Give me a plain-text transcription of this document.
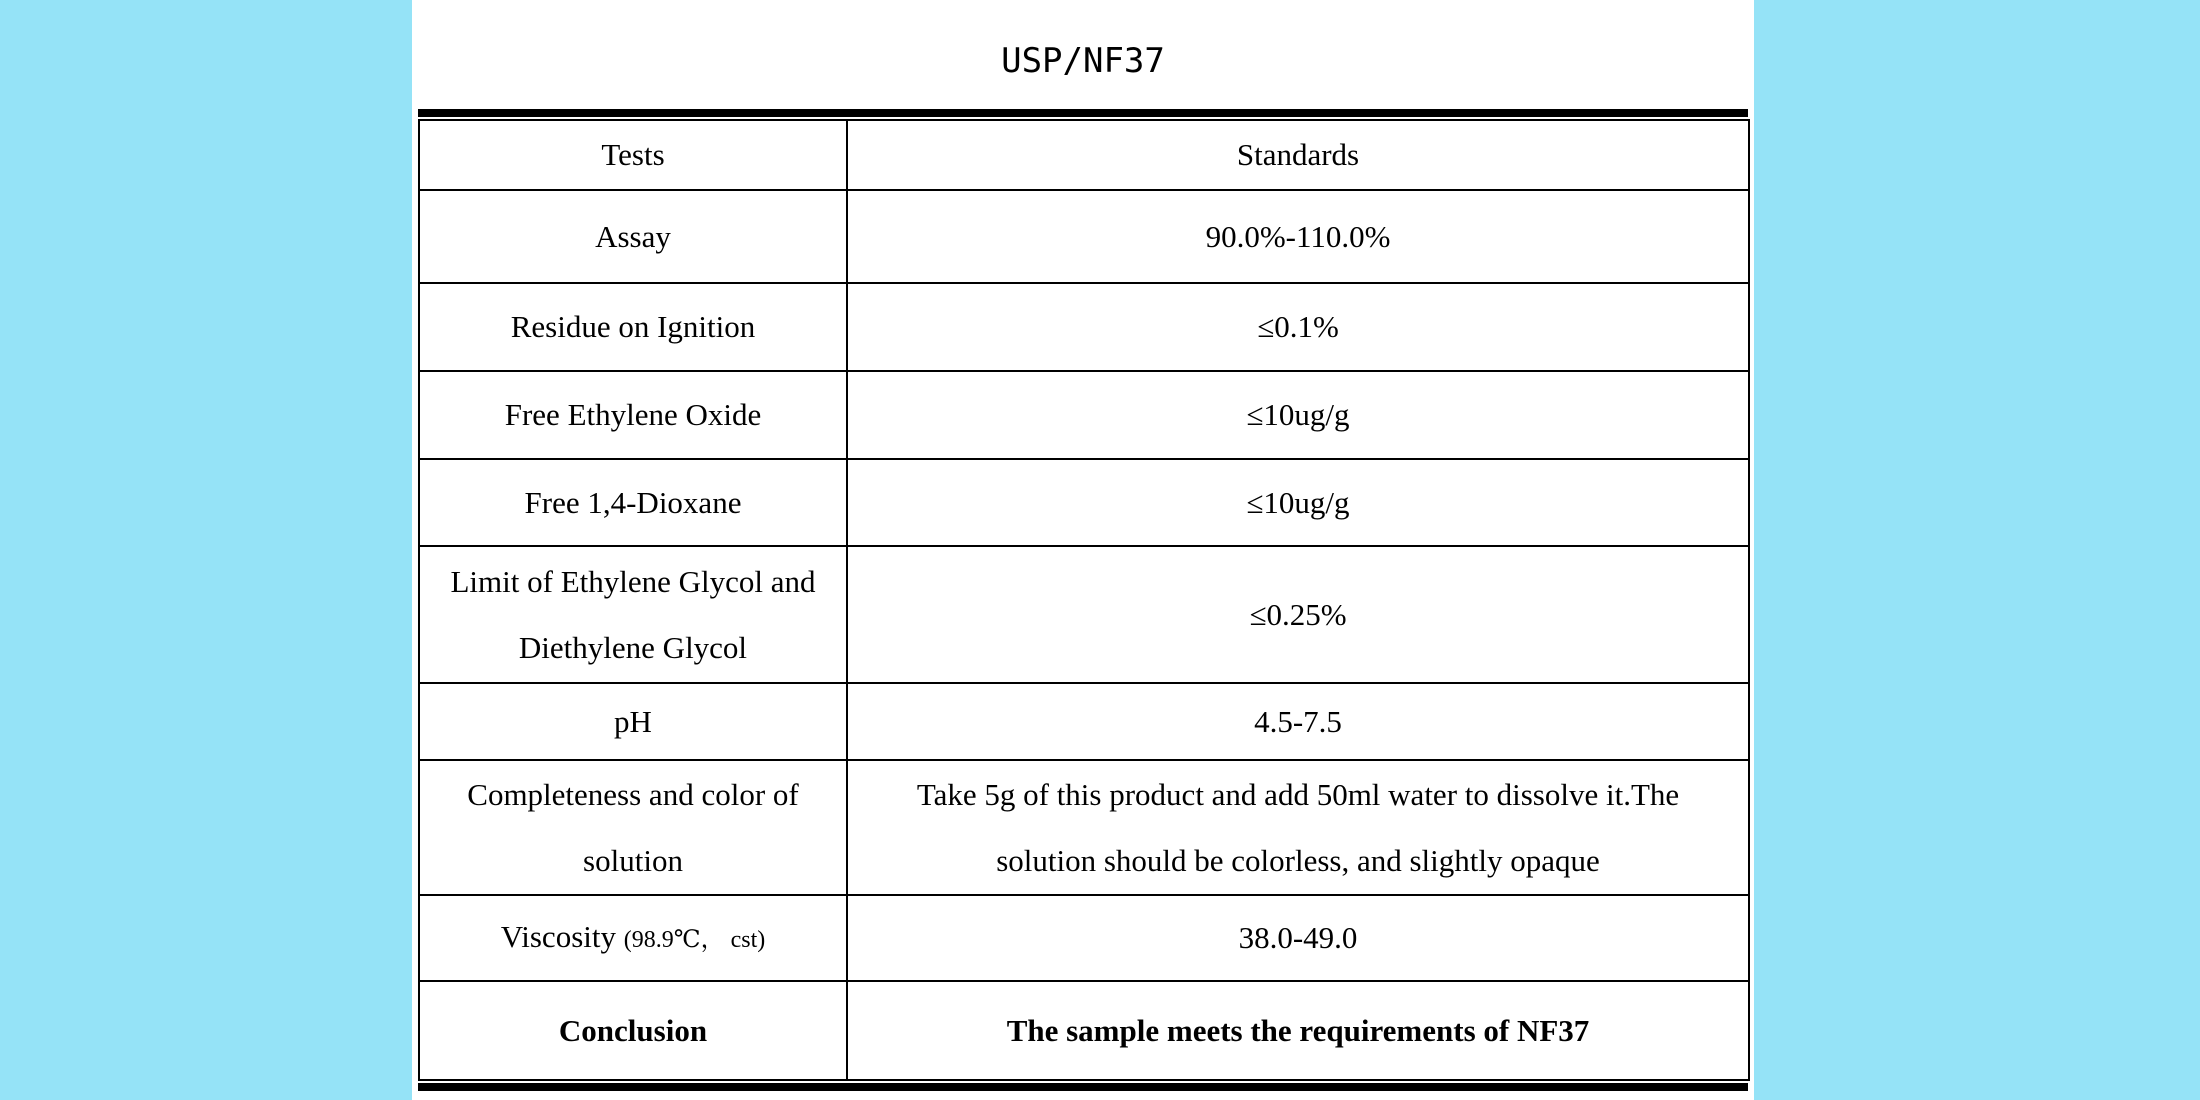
USP/NF37
Tests	Standards
Assay	90.0%-110.0%
Residue on Ignition	≤0.1%
Free Ethylene Oxide	≤10ug/g
Free 1,4-Dioxane	≤10ug/g
Limit of Ethylene Glycol and Diethylene Glycol	≤0.25%
pH	4.5-7.5
Completeness and color of solution	Take 5g of this product and add 50ml water to dissolve it.The solution should be colorless, and slightly opaque
Viscosity (98.9℃， cst)	38.0-49.0
Conclusion	The sample meets the requirements of NF37
